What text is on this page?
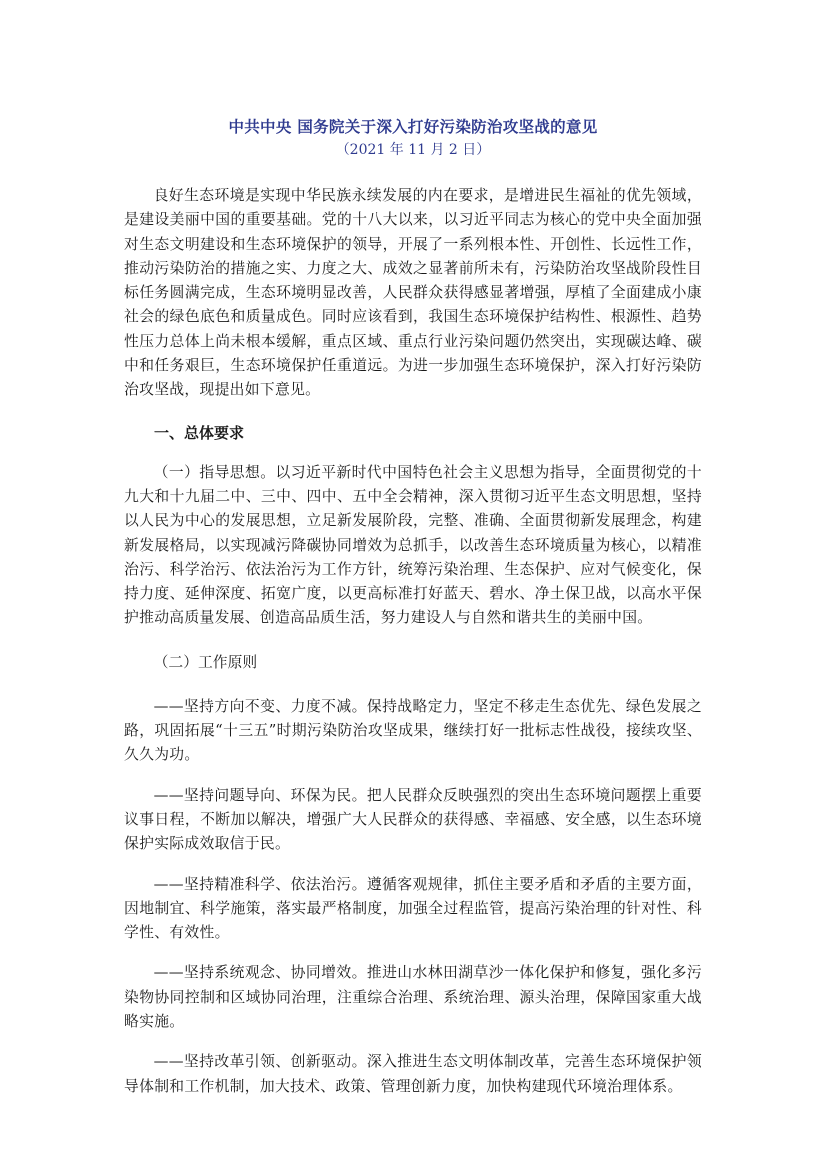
中共中央 国务院关于深入打好污染防治攻坚战的意见

（2021 年 11 月 2 日）

良好生态环境是实现中华民族永续发展的内在要求，是增进民生福祉的优先领域，是建设美丽中国的重要基础。党的十八大以来，以习近平同志为核心的党中央全面加强对生态文明建设和生态环境保护的领导，开展了一系列根本性、开创性、长远性工作，推动污染防治的措施之实、力度之大、成效之显著前所未有，污染防治攻坚战阶段性目标任务圆满完成，生态环境明显改善，人民群众获得感显著增强，厚植了全面建成小康社会的绿色底色和质量成色。同时应该看到，我国生态环境保护结构性、根源性、趋势性压力总体上尚未根本缓解，重点区域、重点行业污染问题仍然突出，实现碳达峰、碳中和任务艰巨，生态环境保护任重道远。为进一步加强生态环境保护，深入打好污染防治攻坚战，现提出如下意见。

一、总体要求

（一）指导思想。以习近平新时代中国特色社会主义思想为指导，全面贯彻党的十九大和十九届二中、三中、四中、五中全会精神，深入贯彻习近平生态文明思想，坚持以人民为中心的发展思想，立足新发展阶段，完整、准确、全面贯彻新发展理念，构建新发展格局，以实现减污降碳协同增效为总抓手，以改善生态环境质量为核心，以精准治污、科学治污、依法治污为工作方针，统筹污染治理、生态保护、应对气候变化，保持力度、延伸深度、拓宽广度，以更高标准打好蓝天、碧水、净土保卫战，以高水平保护推动高质量发展、创造高品质生活，努力建设人与自然和谐共生的美丽中国。

（二）工作原则

——坚持方向不变、力度不减。保持战略定力，坚定不移走生态优先、绿色发展之路，巩固拓展“十三五”时期污染防治攻坚成果，继续打好一批标志性战役，接续攻坚、久久为功。

——坚持问题导向、环保为民。把人民群众反映强烈的突出生态环境问题摆上重要议事日程，不断加以解决，增强广大人民群众的获得感、幸福感、安全感，以生态环境保护实际成效取信于民。

——坚持精准科学、依法治污。遵循客观规律，抓住主要矛盾和矛盾的主要方面，因地制宜、科学施策，落实最严格制度，加强全过程监管，提高污染治理的针对性、科学性、有效性。

——坚持系统观念、协同增效。推进山水林田湖草沙一体化保护和修复，强化多污染物协同控制和区域协同治理，注重综合治理、系统治理、源头治理，保障国家重大战略实施。

——坚持改革引领、创新驱动。深入推进生态文明体制改革，完善生态环境保护领导体制和工作机制，加大技术、政策、管理创新力度，加快构建现代环境治理体系。
